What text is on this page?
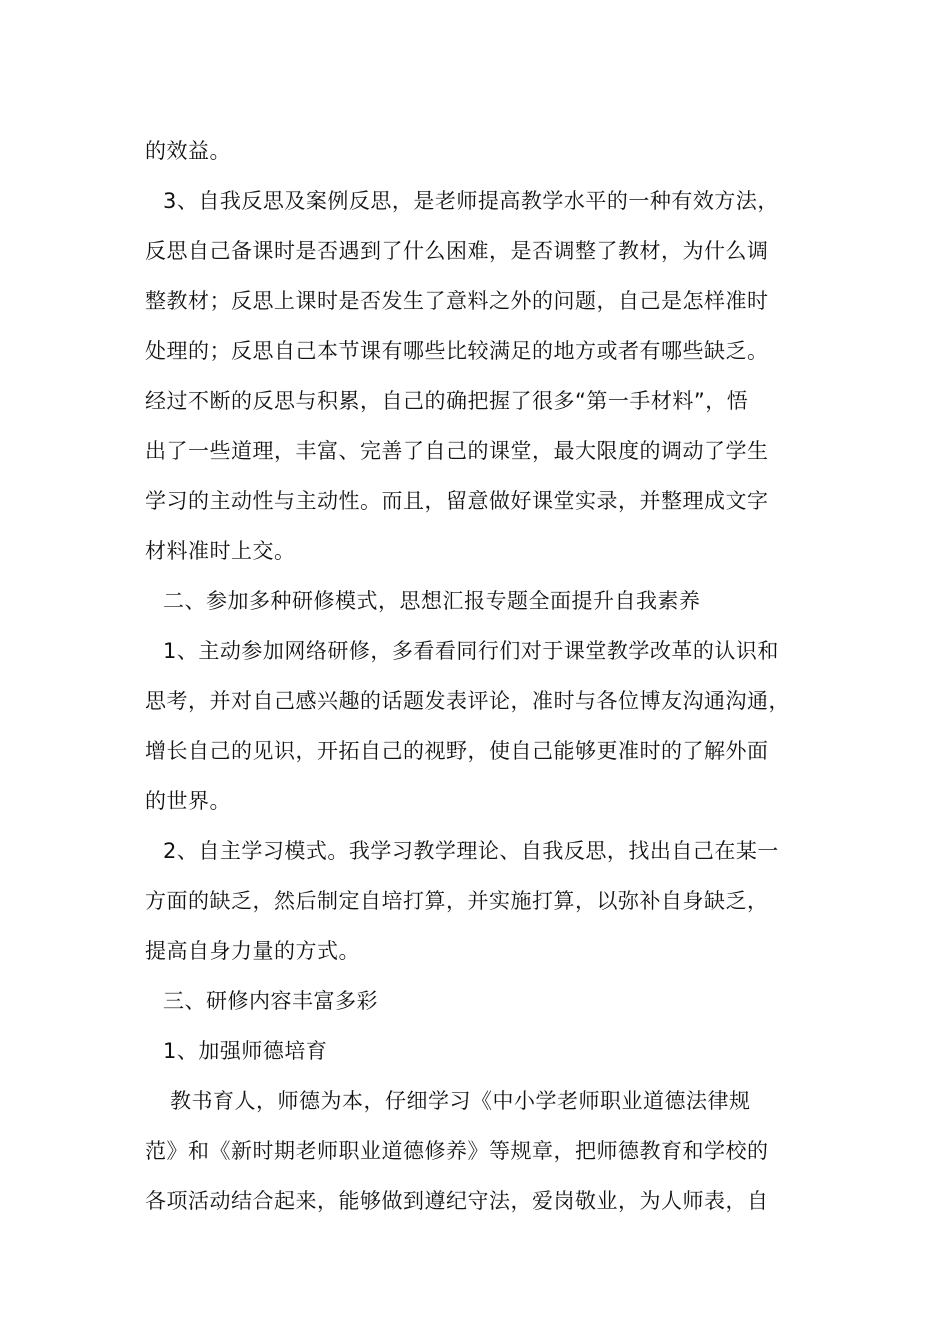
的效益。
3、自我反思及案例反思，是老师提高教学水平的一种有效方法，
反思自己备课时是否遇到了什么困难，是否调整了教材，为什么调
整教材；反思上课时是否发生了意料之外的问题，自己是怎样准时
处理的；反思自己本节课有哪些比较满足的地方或者有哪些缺乏。
经过不断的反思与积累，自己的确把握了很多“第一手材料”，悟
出了一些道理，丰富、完善了自己的课堂，最大限度的调动了学生
学习的主动性与主动性。而且，留意做好课堂实录，并整理成文字
材料准时上交。
二、参加多种研修模式，思想汇报专题全面提升自我素养
1、主动参加网络研修，多看看同行们对于课堂教学改革的认识和
思考，并对自己感兴趣的话题发表评论，准时与各位博友沟通沟通，
增长自己的见识，开拓自己的视野，使自己能够更准时的了解外面
的世界。
2、自主学习模式。我学习教学理论、自我反思，找出自己在某一
方面的缺乏，然后制定自培打算，并实施打算，以弥补自身缺乏，
提高自身力量的方式。
三、研修内容丰富多彩
1、加强师德培育
教书育人，师德为本，仔细学习《中小学老师职业道德法律规
范》和《新时期老师职业道德修养》等规章，把师德教育和学校的
各项活动结合起来，能够做到遵纪守法，爱岗敬业，为人师表，自
